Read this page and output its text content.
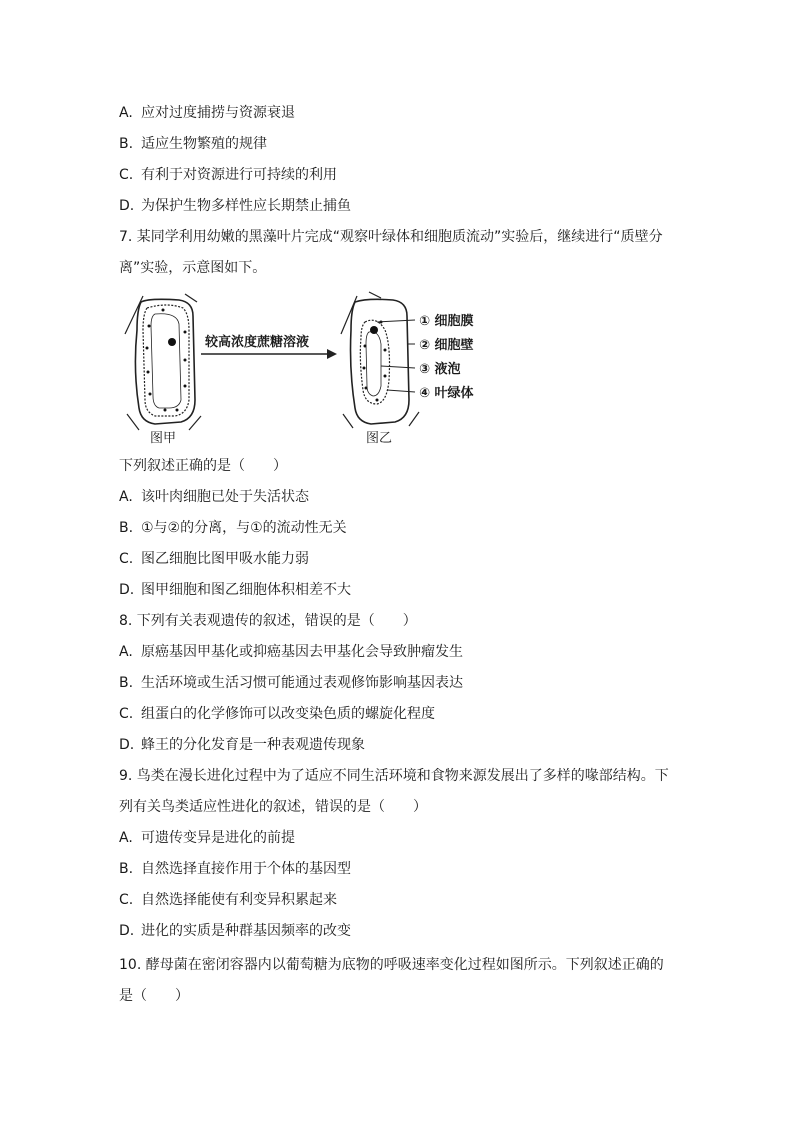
A. 应对过度捕捞与资源衰退
B. 适应生物繁殖的规律
C. 有利于对资源进行可持续的利用
D. 为保护生物多样性应长期禁止捕鱼
7. 某同学利用幼嫩的黑藻叶片完成“观察叶绿体和细胞质流动”实验后，继续进行“质壁分
离”实验，示意图如下。
图甲
较高浓度蔗糖溶液
图乙
① 细胞膜
② 细胞壁
③ 液泡
④ 叶绿体
下列叙述正确的是（　　）
A. 该叶肉细胞已处于失活状态
B. ①与②的分离，与①的流动性无关
C. 图乙细胞比图甲吸水能力弱
D. 图甲细胞和图乙细胞体积相差不大
8. 下列有关表观遗传的叙述，错误的是（　　）
A. 原癌基因甲基化或抑癌基因去甲基化会导致肿瘤发生
B. 生活环境或生活习惯可能通过表观修饰影响基因表达
C. 组蛋白的化学修饰可以改变染色质的螺旋化程度
D. 蜂王的分化发育是一种表观遗传现象
9. 鸟类在漫长进化过程中为了适应不同生活环境和食物来源发展出了多样的喙部结构。下
列有关鸟类适应性进化的叙述，错误的是（　　）
A. 可遗传变异是进化的前提
B. 自然选择直接作用于个体的基因型
C. 自然选择能使有利变异积累起来
D. 进化的实质是种群基因频率的改变
10. 酵母菌在密闭容器内以葡萄糖为底物的呼吸速率变化过程如图所示。下列叙述正确的
是（　　）
